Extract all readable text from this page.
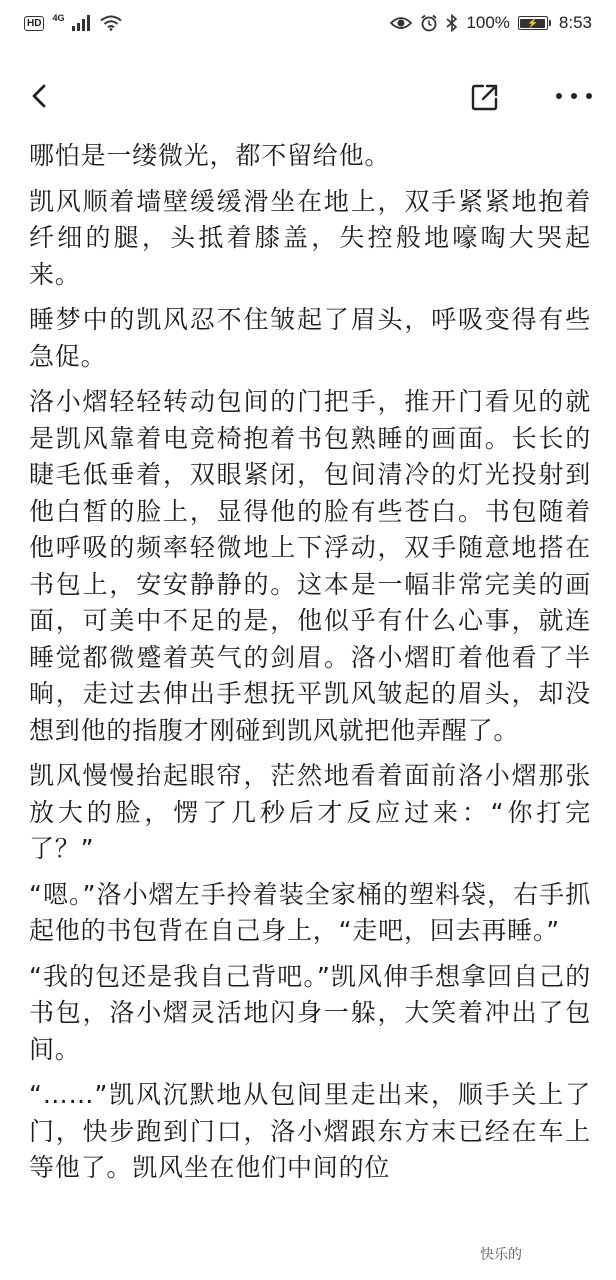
HD	4G	100%	⚡	8:53

哪怕是一缕微光，都不留给他。

凯风顺着墙壁缓缓滑坐在地上，双手紧紧地抱着纤细的腿，头抵着膝盖，失控般地嚎啕大哭起来。

睡梦中的凯风忍不住皱起了眉头，呼吸变得有些急促。

洛小熠轻轻转动包间的门把手，推开门看见的就是凯风靠着电竞椅抱着书包熟睡的画面。长长的睫毛低垂着，双眼紧闭，包间清冷的灯光投射到他白皙的脸上，显得他的脸有些苍白。书包随着他呼吸的频率轻微地上下浮动，双手随意地搭在书包上，安安静静的。这本是一幅非常完美的画面，可美中不足的是，他似乎有什么心事，就连睡觉都微蹙着英气的剑眉。洛小熠盯着他看了半晌，走过去伸出手想抚平凯风皱起的眉头，却没想到他的指腹才刚碰到凯风就把他弄醒了。

凯风慢慢抬起眼帘，茫然地看着面前洛小熠那张放大的脸，愣了几秒后才反应过来：“你打完了？”

“嗯。”洛小熠左手拎着装全家桶的塑料袋，右手抓起他的书包背在自己身上，“走吧，回去再睡。”

“我的包还是我自己背吧。”凯风伸手想拿回自己的书包，洛小熠灵活地闪身一躲，大笑着冲出了包间。

“……”凯风沉默地从包间里走出来，顺手关上了门，快步跑到门口，洛小熠跟东方末已经在车上等他了。凯风坐在他们中间的位

快乐的
